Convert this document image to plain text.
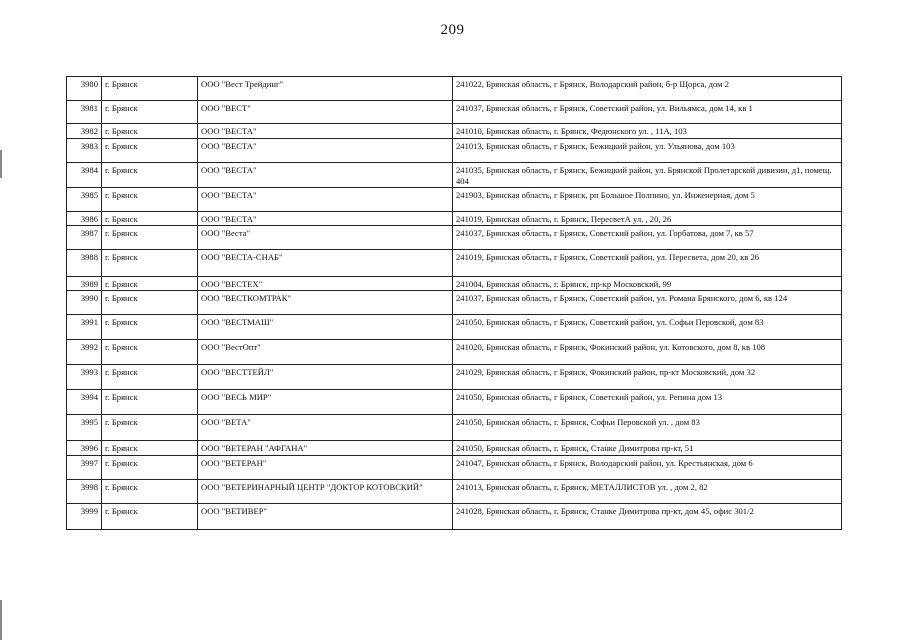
209
3980	г. Брянск	ООО "Вест Трейдинг"	241022, Брянская область, г Брянск, Володарский район, б-р Щорса, дом 2
3981	г. Брянск	ООО "ВЕСТ"	241037, Брянская область, г Брянск, Советский район, ул. Вильямса, дом 14, кв 1
3982	г. Брянск	ООО "ВЕСТА"	241010, Брянская область, г. Брянск, Федюнского ул. , 11А, 103
3983	г. Брянск	ООО "ВЕСТА"	241013, Брянская область, г Брянск, Бежицкий район, ул. Ульянова, дом 103
3984	г. Брянск	ООО "ВЕСТА"	241035, Брянская область, г Брянск, Бежицкий район, ул. Брянской Пролетарской дивизии, д1, помещ. 404
3985	г. Брянск	ООО "ВЕСТА"	241903, Брянская область, г Брянск, рп Большое Полпино, ул. Инженерная, дом 5
3986	г. Брянск	ООО "ВЕСТА"	241019, Брянская область, г. Брянск, ПересветА ул. , 20, 26
3987	г. Брянск	ООО "Веста"	241037, Брянская область, г Брянск, Советский район, ул. Горбатова, дом 7, кв 57
3988	г. Брянск	ООО "ВЕСТА-СНАБ"	241019, Брянская область, г Брянск, Советский район, ул. Пересвета, дом 20, кв 26
3989	г. Брянск	ООО "ВЕСТЕХ"	241004, Брянская область, г. Брянск, пр-кр Московский, 99
3990	г. Брянск	ООО "ВЕСТКОМТРАК"	241037, Брянская область, г Брянск, Советский район, ул. Романа Брянского, дом 6, кв 124
3991	г. Брянск	ООО "ВЕСТМАШ"	241050, Брянская область, г Брянск, Советский район, ул. Софьи Перовской, дом 83
3992	г. Брянск	ООО "ВестОпт"	241020, Брянская область, г Брянск, Фокинский район, ул. Котовского, дом 8, кв 108
3993	г. Брянск	ООО "ВЕСТТЕЙЛ"	241029, Брянская область, г Брянск, Фокинский район, пр-кт Московский, дом 32
3994	г. Брянск	ООО "ВЕСЬ МИР"	241050, Брянская область, г Брянск, Советский район, ул. Репина дом 13
3995	г. Брянск	ООО "ВЕТА"	241050, Брянская область, г. Брянск, Софьи Перовской ул. , дом 83
3996	г. Брянск	ООО "ВЕТЕРАН "АФГАНА"	241050, Брянская область, г. Брянск, Станке Димитрова пр-кт, 51
3997	г. Брянск	ООО "ВЕТЕРАН"	241047, Брянская область, г Брянск, Володарский район, ул. Крестьянская, дом 6
3998	г. Брянск	ООО "ВЕТЕРИНАРНЫЙ ЦЕНТР "ДОКТОР КОТОВСКИЙ"	241013, Брянская область, г. Брянск, МЕТАЛЛИСТОВ ул. , дом 2, 82
3999	г. Брянск	ООО "ВЕТИВЕР"	241028, Брянская область, г. Брянск, Станке Димитрова пр-кт, дом 45, офис 301/2
